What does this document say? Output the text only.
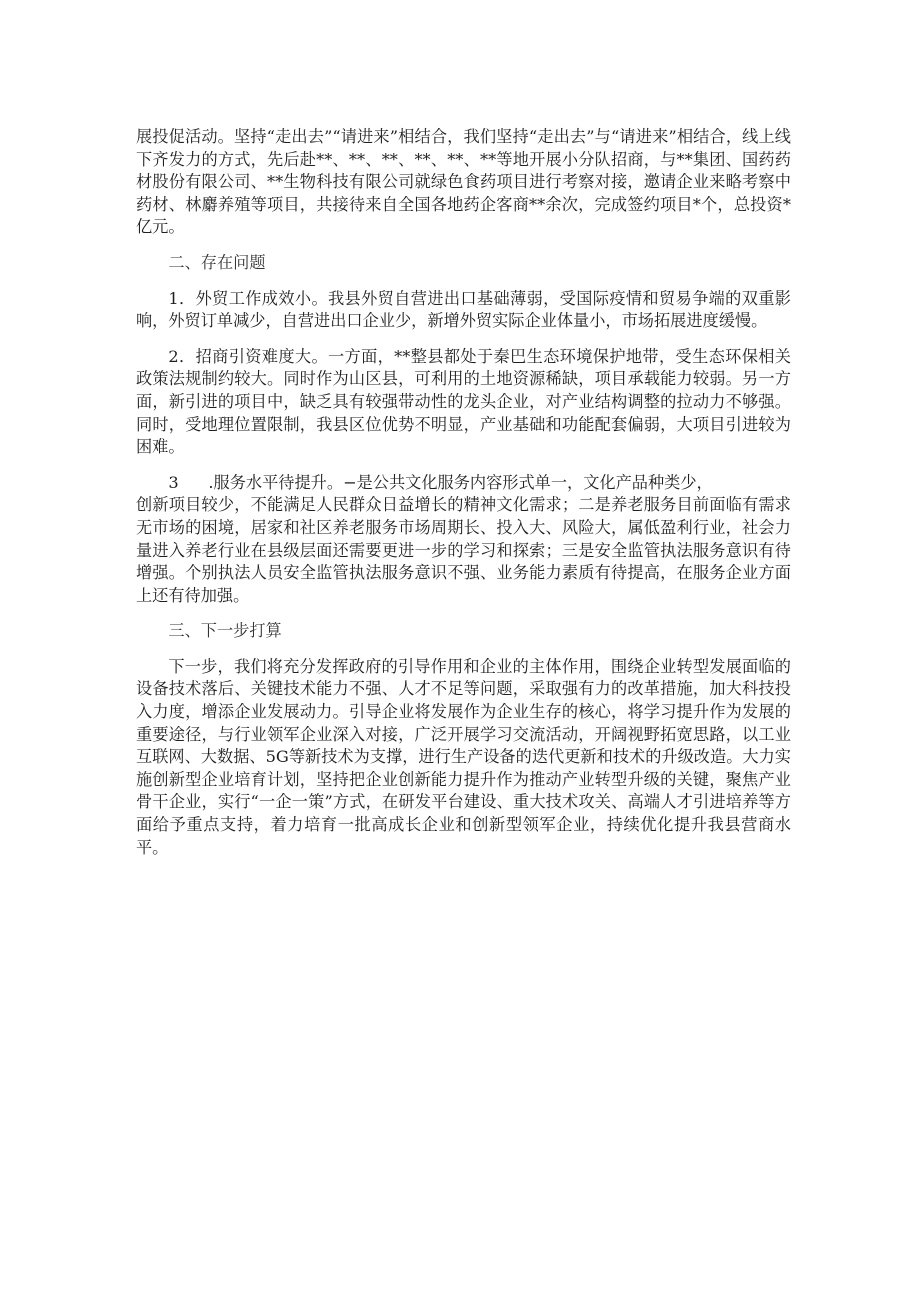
展投促活动。坚持“走出去”“请进来”相结合，我们坚持“走出去”与“请进来”相结合，线上线下齐发力的方式，先后赴**、**、**、**、**、**等地开展小分队招商，与**集团、国药药材股份有限公司、**生物科技有限公司就绿色食药项目进行考察对接，邀请企业来略考察中药材、林麝养殖等项目，共接待来自全国各地药企客商**余次，完成签约项目*个，总投资*亿元。

二、存在问题

1．外贸工作成效小。我县外贸自营进出口基础薄弱，受国际疫情和贸易争端的双重影响，外贸订单减少，自营进出口企业少，新增外贸实际企业体量小，市场拓展进度缓慢。

2．招商引资难度大。一方面，**整县都处于秦巴生态环境保护地带，受生态环保相关政策法规制约较大。同时作为山区县，可利用的土地资源稀缺，项目承载能力较弱。另一方面，新引进的项目中，缺乏具有较强带动性的龙头企业，对产业结构调整的拉动力不够强。同时，受地理位置限制，我县区位优势不明显，产业基础和功能配套偏弱，大项目引进较为困难。

3 .服务水平待提升。−是公共文化服务内容形式单一，文化产品种类少，
创新项目较少，不能满足人民群众日益增长的精神文化需求；二是养老服务目前面临有需求无市场的困境，居家和社区养老服务市场周期长、投入大、风险大，属低盈利行业，社会力量进入养老行业在县级层面还需要更进一步的学习和探索；三是安全监管执法服务意识有待增强。个别执法人员安全监管执法服务意识不强、业务能力素质有待提高，在服务企业方面上还有待加强。

三、下一步打算

下一步，我们将充分发挥政府的引导作用和企业的主体作用，围绕企业转型发展面临的设备技术落后、关键技术能力不强、人才不足等问题，采取强有力的改革措施，加大科技投入力度，增添企业发展动力。引导企业将发展作为企业生存的核心，将学习提升作为发展的重要途径，与行业领军企业深入对接，广泛开展学习交流活动，开阔视野拓宽思路，以工业互联网、大数据、5G等新技术为支撑，进行生产设备的迭代更新和技术的升级改造。大力实施创新型企业培育计划，坚持把企业创新能力提升作为推动产业转型升级的关键，聚焦产业骨干企业，实行“一企一策”方式，在研发平台建设、重大技术攻关、高端人才引进培养等方面给予重点支持，着力培育一批高成长企业和创新型领军企业，持续优化提升我县营商水平。
